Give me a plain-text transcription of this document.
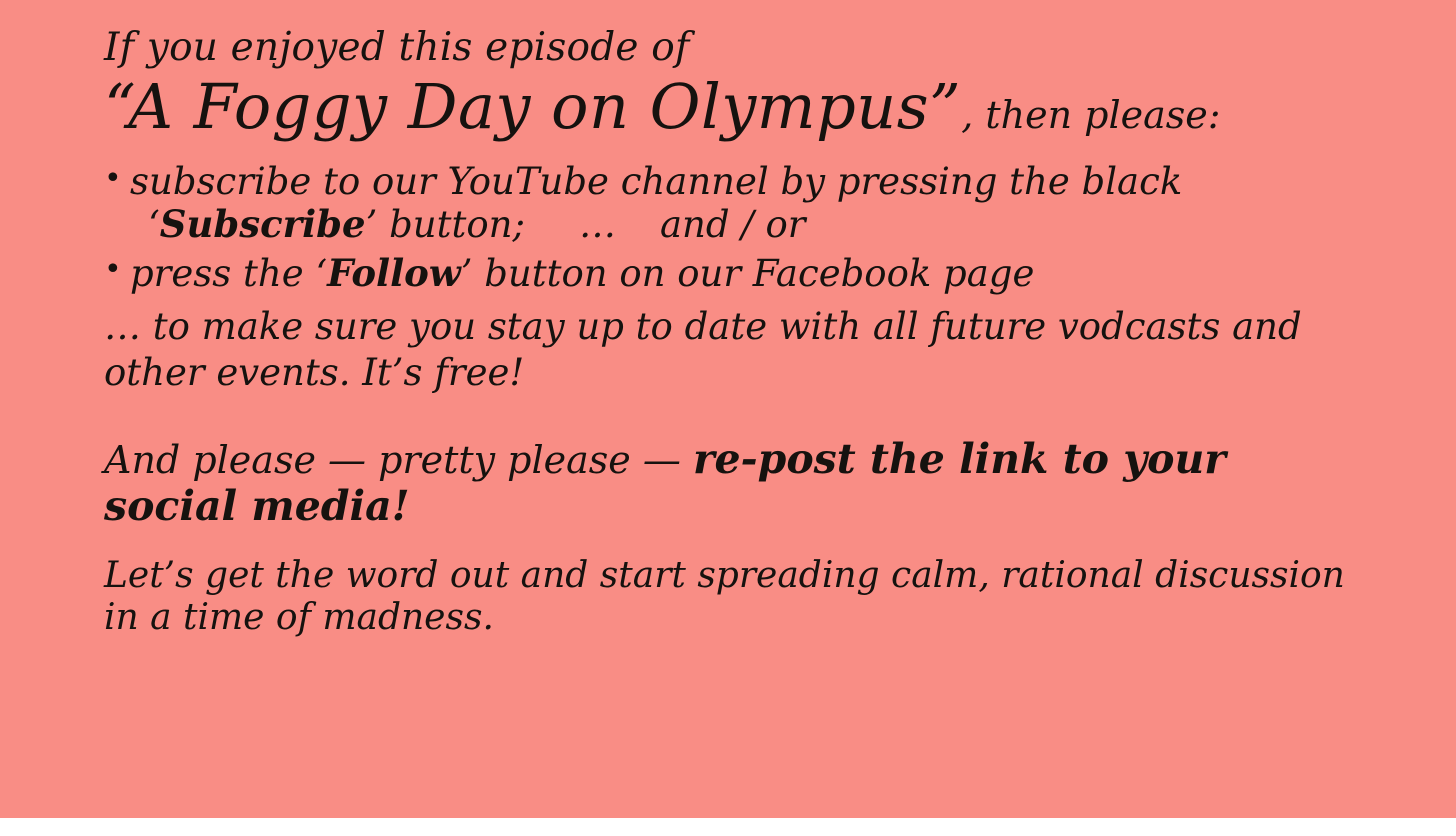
If you enjoyed this episode of
“A Foggy Day on Olympus”, then please:
• subscribe to our YouTube channel by pressing the black
‘Subscribe’ button; … and / or
• press the ‘Follow’ button on our Facebook page
… to make sure you stay up to date with all future vodcasts and
other events. It’s free!
And please — pretty please — re-post the link to your social media!
Let’s get the word out and start spreading calm, rational discussion
in a time of madness.
